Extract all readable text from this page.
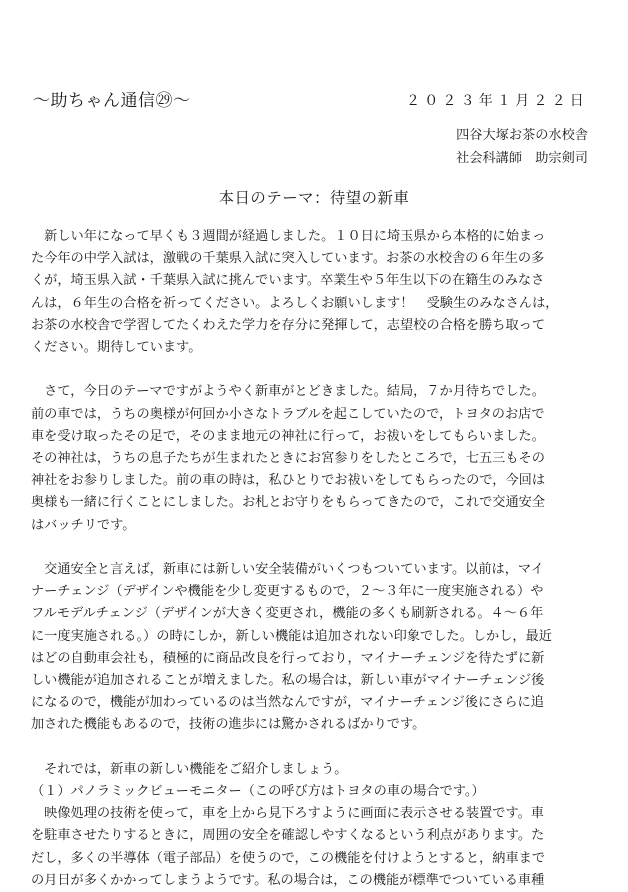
～助ちゃん通信㉙～	２０２３年１月２２日
四谷大塚お茶の水校舎
社会科講師　助宗剣司
本日のテーマ：待望の新車
　新しい年になって早くも３週間が経過しました。１０日に埼玉県から本格的に始まっ
た今年の中学入試は，激戦の千葉県入試に突入しています。お茶の水校舎の６年生の多
くが，埼玉県入試・千葉県入試に挑んでいます。卒業生や５年生以下の在籍生のみなさ
んは，６年生の合格を祈ってください。よろしくお願いします！　受験生のみなさんは，
お茶の水校舎で学習してたくわえた学力を存分に発揮して，志望校の合格を勝ち取って
ください。期待しています。
　さて，今日のテーマですがようやく新車がとどきました。結局，７か月待ちでした。
前の車では，うちの奥様が何回か小さなトラブルを起こしていたので，トヨタのお店で
車を受け取ったその足で，そのまま地元の神社に行って，お祓いをしてもらいました。
その神社は，うちの息子たちが生まれたときにお宮参りをしたところで，七五三もその
神社をお参りしました。前の車の時は，私ひとりでお祓いをしてもらったので，今回は
奥様も一緒に行くことにしました。お札とお守りをもらってきたので，これで交通安全
はバッチリです。
　交通安全と言えば，新車には新しい安全装備がいくつもついています。以前は，マイ
ナーチェンジ（デザインや機能を少し変更するもので，２～３年に一度実施される）や
フルモデルチェンジ（デザインが大きく変更され，機能の多くも刷新される。４～６年
に一度実施される。）の時にしか，新しい機能は追加されない印象でした。しかし，最近
はどの自動車会社も，積極的に商品改良を行っており，マイナーチェンジを待たずに新
しい機能が追加されることが増えました。私の場合は，新しい車がマイナーチェンジ後
になるので，機能が加わっているのは当然なんですが，マイナーチェンジ後にさらに追
加された機能もあるので，技術の進歩には驚かされるばかりです。
　それでは，新車の新しい機能をご紹介しましょう。
（１）パノラミックビューモニター（この呼び方はトヨタの車の場合です。）
　映像処理の技術を使って，車を上から見下ろすように画面に表示させる装置です。車
を駐車させたりするときに，周囲の安全を確認しやすくなるという利点があります。た
だし，多くの半導体（電子部品）を使うので，この機能を付けようとすると，納車まで
の月日が多くかかってしまうようです。私の場合は，この機能が標準でついている車種
